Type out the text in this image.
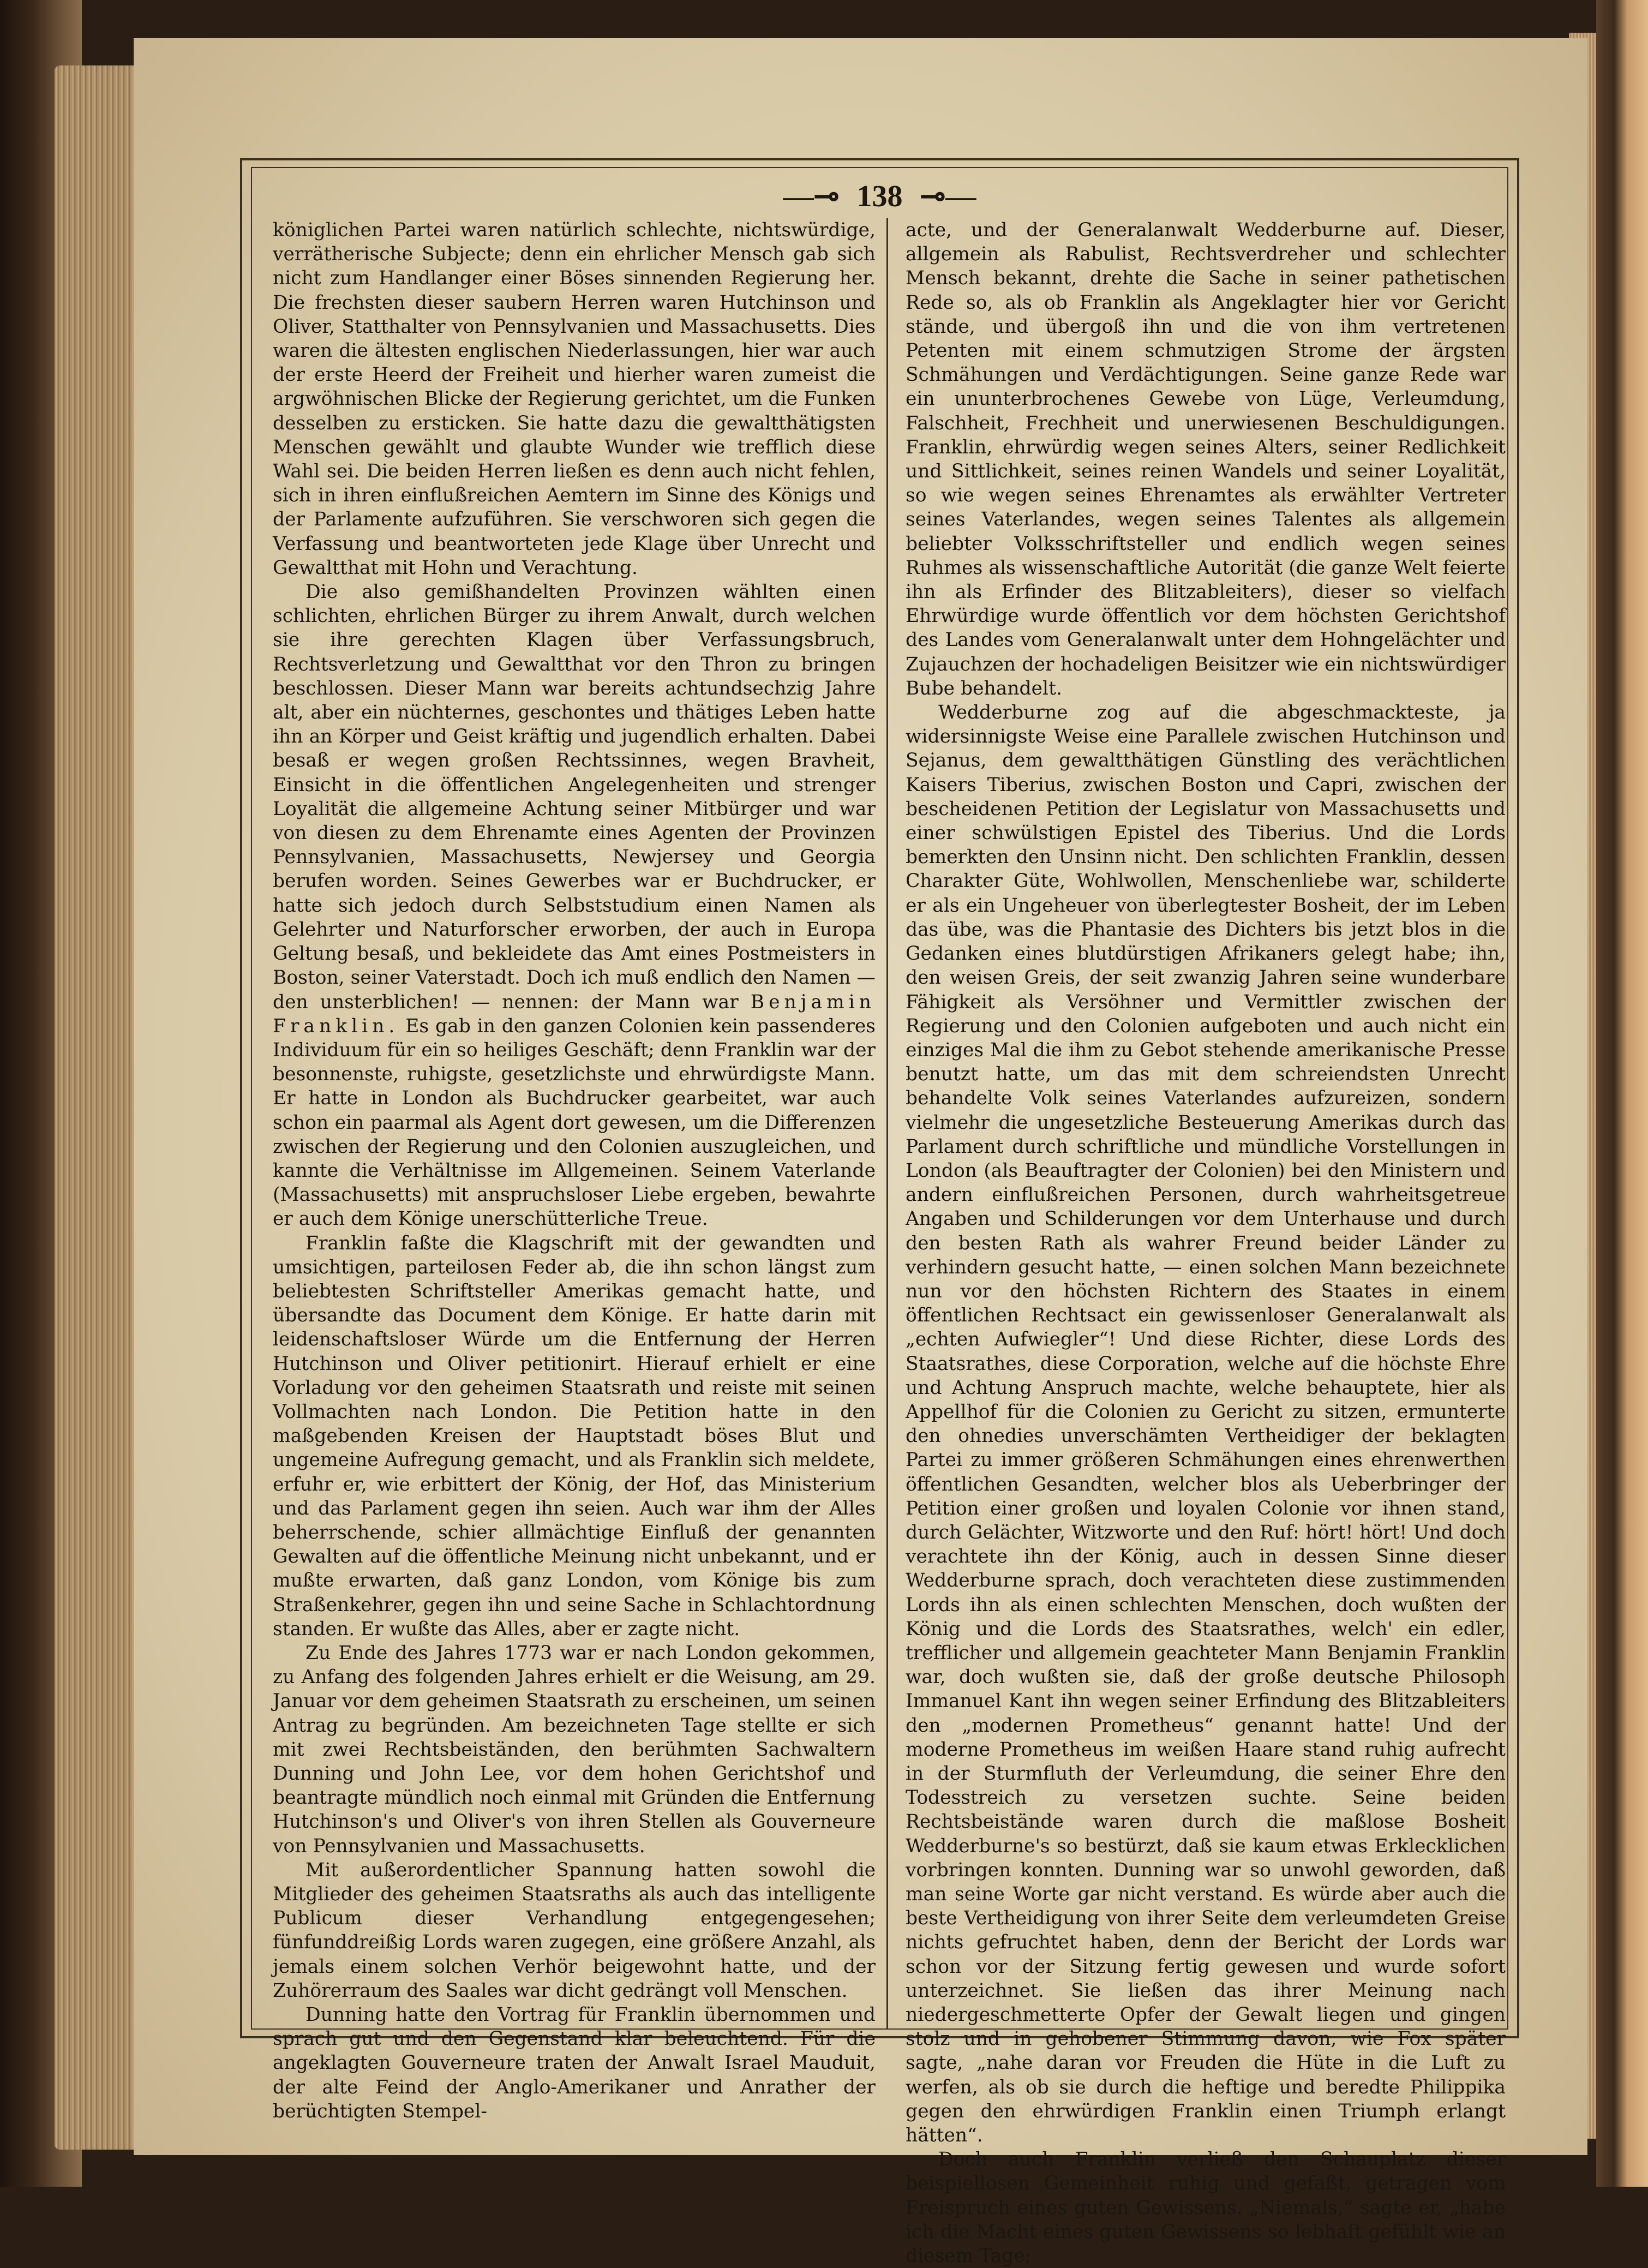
—⊸ 138 ⊸—

königlichen Partei waren natürlich schlechte, nichtswürdige, verrätherische Subjecte; denn ein ehrlicher Mensch gab sich nicht zum Handlanger einer Böses sinnenden Regierung her. Die frechsten dieser saubern Herren waren Hutchinson und Oliver, Statthalter von Pennsylvanien und Massachusetts. Dies waren die ältesten englischen Niederlassungen, hier war auch der erste Heerd der Freiheit und hierher waren zumeist die argwöhnischen Blicke der Regierung gerichtet, um die Funken desselben zu ersticken. Sie hatte dazu die gewaltthätigsten Menschen gewählt und glaubte Wunder wie trefflich diese Wahl sei. Die beiden Herren ließen es denn auch nicht fehlen, sich in ihren einflußreichen Aemtern im Sinne des Königs und der Parlamente aufzuführen. Sie verschworen sich gegen die Verfassung und beantworteten jede Klage über Unrecht und Gewaltthat mit Hohn und Verachtung.

Die also gemißhandelten Provinzen wählten einen schlichten, ehrlichen Bürger zu ihrem Anwalt, durch welchen sie ihre gerechten Klagen über Verfassungsbruch, Rechtsverletzung und Gewaltthat vor den Thron zu bringen beschlossen. Dieser Mann war bereits achtundsechzig Jahre alt, aber ein nüchternes, geschontes und thätiges Leben hatte ihn an Körper und Geist kräftig und jugendlich erhalten. Dabei besaß er wegen großen Rechtssinnes, wegen Bravheit, Einsicht in die öffentlichen Angelegenheiten und strenger Loyalität die allgemeine Achtung seiner Mitbürger und war von diesen zu dem Ehrenamte eines Agenten der Provinzen Pennsylvanien, Massachusetts, Newjersey und Georgia berufen worden. Seines Gewerbes war er Buchdrucker, er hatte sich jedoch durch Selbststudium einen Namen als Gelehrter und Naturforscher erworben, der auch in Europa Geltung besaß, und bekleidete das Amt eines Postmeisters in Boston, seiner Vaterstadt. Doch ich muß endlich den Namen — den unsterblichen! — nennen: der Mann war Benjamin Franklin. Es gab in den ganzen Colonien kein passenderes Individuum für ein so heiliges Geschäft; denn Franklin war der besonnenste, ruhigste, gesetzlichste und ehrwürdigste Mann. Er hatte in London als Buchdrucker gearbeitet, war auch schon ein paarmal als Agent dort gewesen, um die Differenzen zwischen der Regierung und den Colonien auszugleichen, und kannte die Verhältnisse im Allgemeinen. Seinem Vaterlande (Massachusetts) mit anspruchsloser Liebe ergeben, bewahrte er auch dem Könige unerschütterliche Treue.

Franklin faßte die Klagschrift mit der gewandten und umsichtigen, parteilosen Feder ab, die ihn schon längst zum beliebtesten Schriftsteller Amerikas gemacht hatte, und übersandte das Document dem Könige. Er hatte darin mit leidenschaftsloser Würde um die Entfernung der Herren Hutchinson und Oliver petitionirt. Hierauf erhielt er eine Vorladung vor den geheimen Staatsrath und reiste mit seinen Vollmachten nach London. Die Petition hatte in den maßgebenden Kreisen der Hauptstadt böses Blut und ungemeine Aufregung gemacht, und als Franklin sich meldete, erfuhr er, wie erbittert der König, der Hof, das Ministerium und das Parlament gegen ihn seien. Auch war ihm der Alles beherrschende, schier allmächtige Einfluß der genannten Gewalten auf die öffentliche Meinung nicht unbekannt, und er mußte erwarten, daß ganz London, vom Könige bis zum Straßenkehrer, gegen ihn und seine Sache in Schlachtordnung standen. Er wußte das Alles, aber er zagte nicht.

Zu Ende des Jahres 1773 war er nach London gekommen, zu Anfang des folgenden Jahres erhielt er die Weisung, am 29. Januar vor dem geheimen Staatsrath zu erscheinen, um seinen Antrag zu begründen. Am bezeichneten Tage stellte er sich mit zwei Rechtsbeiständen, den berühmten Sachwaltern Dunning und John Lee, vor dem hohen Gerichtshof und beantragte mündlich noch einmal mit Gründen die Entfernung Hutchinson's und Oliver's von ihren Stellen als Gouverneure von Pennsylvanien und Massachusetts.

Mit außerordentlicher Spannung hatten sowohl die Mitglieder des geheimen Staatsraths als auch das intelligente Publicum dieser Verhandlung entgegengesehen; fünfunddreißig Lords waren zugegen, eine größere Anzahl, als jemals einem solchen Verhör beigewohnt hatte, und der Zuhörerraum des Saales war dicht gedrängt voll Menschen.

Dunning hatte den Vortrag für Franklin übernommen und sprach gut und den Gegenstand klar beleuchtend. Für die angeklagten Gouverneure traten der Anwalt Israel Mauduit, der alte Feind der Anglo-Amerikaner und Anrather der berüchtigten Stempel-

acte, und der Generalanwalt Wedderburne auf. Dieser, allgemein als Rabulist, Rechtsverdreher und schlechter Mensch bekannt, drehte die Sache in seiner pathetischen Rede so, als ob Franklin als Angeklagter hier vor Gericht stände, und übergoß ihn und die von ihm vertretenen Petenten mit einem schmutzigen Strome der ärgsten Schmähungen und Verdächtigungen. Seine ganze Rede war ein ununterbrochenes Gewebe von Lüge, Verleumdung, Falschheit, Frechheit und unerwiesenen Beschuldigungen. Franklin, ehrwürdig wegen seines Alters, seiner Redlichkeit und Sittlichkeit, seines reinen Wandels und seiner Loyalität, so wie wegen seines Ehrenamtes als erwählter Vertreter seines Vaterlandes, wegen seines Talentes als allgemein beliebter Volksschriftsteller und endlich wegen seines Ruhmes als wissenschaftliche Autorität (die ganze Welt feierte ihn als Erfinder des Blitzableiters), dieser so vielfach Ehrwürdige wurde öffentlich vor dem höchsten Gerichtshof des Landes vom Generalanwalt unter dem Hohngelächter und Zujauchzen der hochadeligen Beisitzer wie ein nichtswürdiger Bube behandelt.

Wedderburne zog auf die abgeschmackteste, ja widersinnigste Weise eine Parallele zwischen Hutchinson und Sejanus, dem gewaltthätigen Günstling des verächtlichen Kaisers Tiberius, zwischen Boston und Capri, zwischen der bescheidenen Petition der Legislatur von Massachusetts und einer schwülstigen Epistel des Tiberius. Und die Lords bemerkten den Unsinn nicht. Den schlichten Franklin, dessen Charakter Güte, Wohlwollen, Menschenliebe war, schilderte er als ein Ungeheuer von überlegtester Bosheit, der im Leben das übe, was die Phantasie des Dichters bis jetzt blos in die Gedanken eines blutdürstigen Afrikaners gelegt habe; ihn, den weisen Greis, der seit zwanzig Jahren seine wunderbare Fähigkeit als Versöhner und Vermittler zwischen der Regierung und den Colonien aufgeboten und auch nicht ein einziges Mal die ihm zu Gebot stehende amerikanische Presse benutzt hatte, um das mit dem schreiendsten Unrecht behandelte Volk seines Vaterlandes aufzureizen, sondern vielmehr die ungesetzliche Besteuerung Amerikas durch das Parlament durch schriftliche und mündliche Vorstellungen in London (als Beauftragter der Colonien) bei den Ministern und andern einflußreichen Personen, durch wahrheitsgetreue Angaben und Schilderungen vor dem Unterhause und durch den besten Rath als wahrer Freund beider Länder zu verhindern gesucht hatte, — einen solchen Mann bezeichnete nun vor den höchsten Richtern des Staates in einem öffentlichen Rechtsact ein gewissenloser Generalanwalt als „echten Aufwiegler“! Und diese Richter, diese Lords des Staatsrathes, diese Corporation, welche auf die höchste Ehre und Achtung Anspruch machte, welche behauptete, hier als Appellhof für die Colonien zu Gericht zu sitzen, ermunterte den ohnedies unverschämten Vertheidiger der beklagten Partei zu immer größeren Schmähungen eines ehrenwerthen öffentlichen Gesandten, welcher blos als Ueberbringer der Petition einer großen und loyalen Colonie vor ihnen stand, durch Gelächter, Witzworte und den Ruf: hört! hört! Und doch verachtete ihn der König, auch in dessen Sinne dieser Wedderburne sprach, doch verachteten diese zustimmenden Lords ihn als einen schlechten Menschen, doch wußten der König und die Lords des Staatsrathes, welch' ein edler, trefflicher und allgemein geachteter Mann Benjamin Franklin war, doch wußten sie, daß der große deutsche Philosoph Immanuel Kant ihn wegen seiner Erfindung des Blitzableiters den „modernen Prometheus“ genannt hatte! Und der moderne Prometheus im weißen Haare stand ruhig aufrecht in der Sturmfluth der Verleumdung, die seiner Ehre den Todesstreich zu versetzen suchte. Seine beiden Rechtsbeistände waren durch die maßlose Bosheit Wedderburne's so bestürzt, daß sie kaum etwas Erklecklichen vorbringen konnten. Dunning war so unwohl geworden, daß man seine Worte gar nicht verstand. Es würde aber auch die beste Vertheidigung von ihrer Seite dem verleumdeten Greise nichts gefruchtet haben, denn der Bericht der Lords war schon vor der Sitzung fertig gewesen und wurde sofort unterzeichnet. Sie ließen das ihrer Meinung nach niedergeschmetterte Opfer der Gewalt liegen und gingen stolz und in gehobener Stimmung davon, wie Fox später sagte, „nahe daran vor Freuden die Hüte in die Luft zu werfen, als ob sie durch die heftige und beredte Philippika gegen den ehrwürdigen Franklin einen Triumph erlangt hätten“.

Doch auch Franklin verließ den Schauplatz dieser beispiellosen Gemeinheit ruhig und gefaßt, getragen vom Freispruch eines guten Gewissens. „Niemals,“ sagte er, „habe ich die Macht eines guten Gewissens so lebhaft gefühlt wie an diesem Tage;
